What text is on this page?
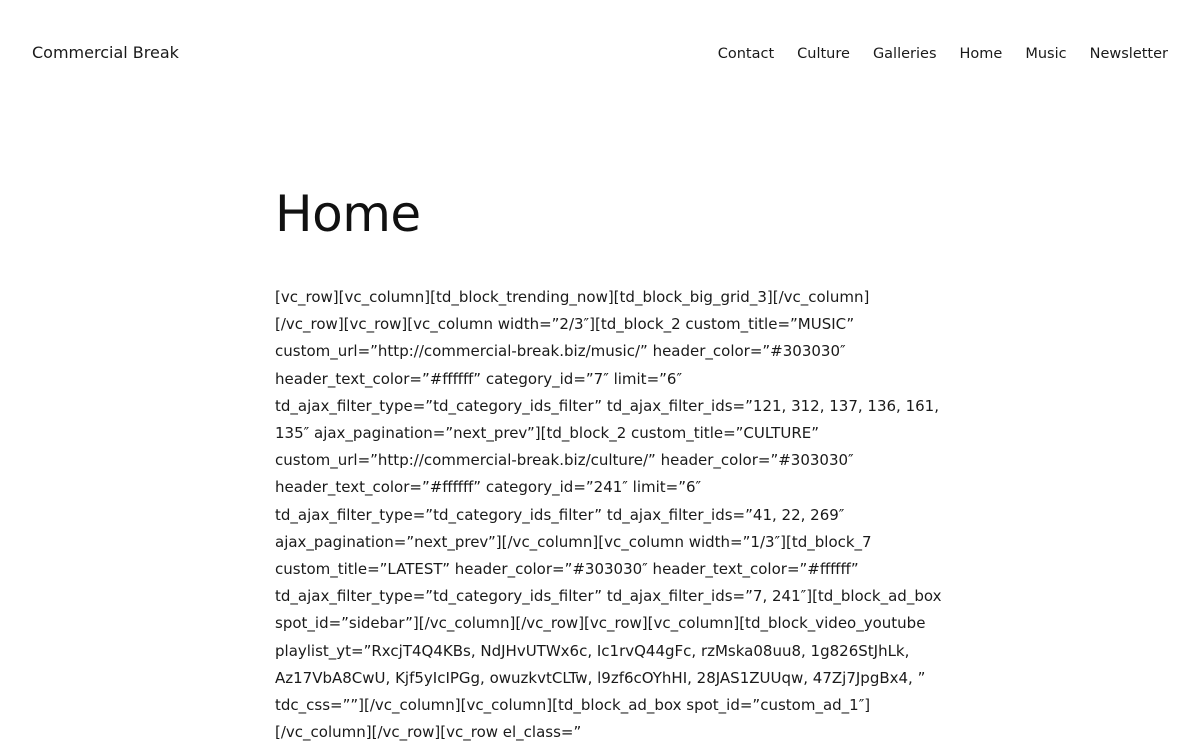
Commercial Break	Contact Culture Galleries Home Music Newsletter
Home
[vc_row][vc_column][td_block_trending_now][td_block_big_grid_3][/vc_column]
[/vc_row][vc_row][vc_column width=”2/3″][td_block_2 custom_title=”MUSIC”
custom_url=”http://commercial-break.biz/music/” header_color=”#303030″
header_text_color=”#ffffff” category_id=”7″ limit=”6″
td_ajax_filter_type=”td_category_ids_filter” td_ajax_filter_ids=”121, 312, 137, 136, 161,
135″ ajax_pagination=”next_prev”][td_block_2 custom_title=”CULTURE”
custom_url=”http://commercial-break.biz/culture/” header_color=”#303030″
header_text_color=”#ffffff” category_id=”241″ limit=”6″
td_ajax_filter_type=”td_category_ids_filter” td_ajax_filter_ids=”41, 22, 269″
ajax_pagination=”next_prev”][/vc_column][vc_column width=”1/3″][td_block_7
custom_title=”LATEST” header_color=”#303030″ header_text_color=”#ffffff”
td_ajax_filter_type=”td_category_ids_filter” td_ajax_filter_ids=”7, 241″][td_block_ad_box
spot_id=”sidebar”][/vc_column][/vc_row][vc_row][vc_column][td_block_video_youtube
playlist_yt=”RxcjT4Q4KBs, NdJHvUTWx6c, Ic1rvQ44gFc, rzMska08uu8, 1g826StJhLk,
Az17VbA8CwU, Kjf5yIcIPGg, owuzkvtCLTw, l9zf6cOYhHI, 28JAS1ZUUqw, 47Zj7JpgBx4, ”
tdc_css=””][/vc_column][vc_column][td_block_ad_box spot_id=”custom_ad_1″]
[/vc_column][/vc_row][vc_row el_class=”
